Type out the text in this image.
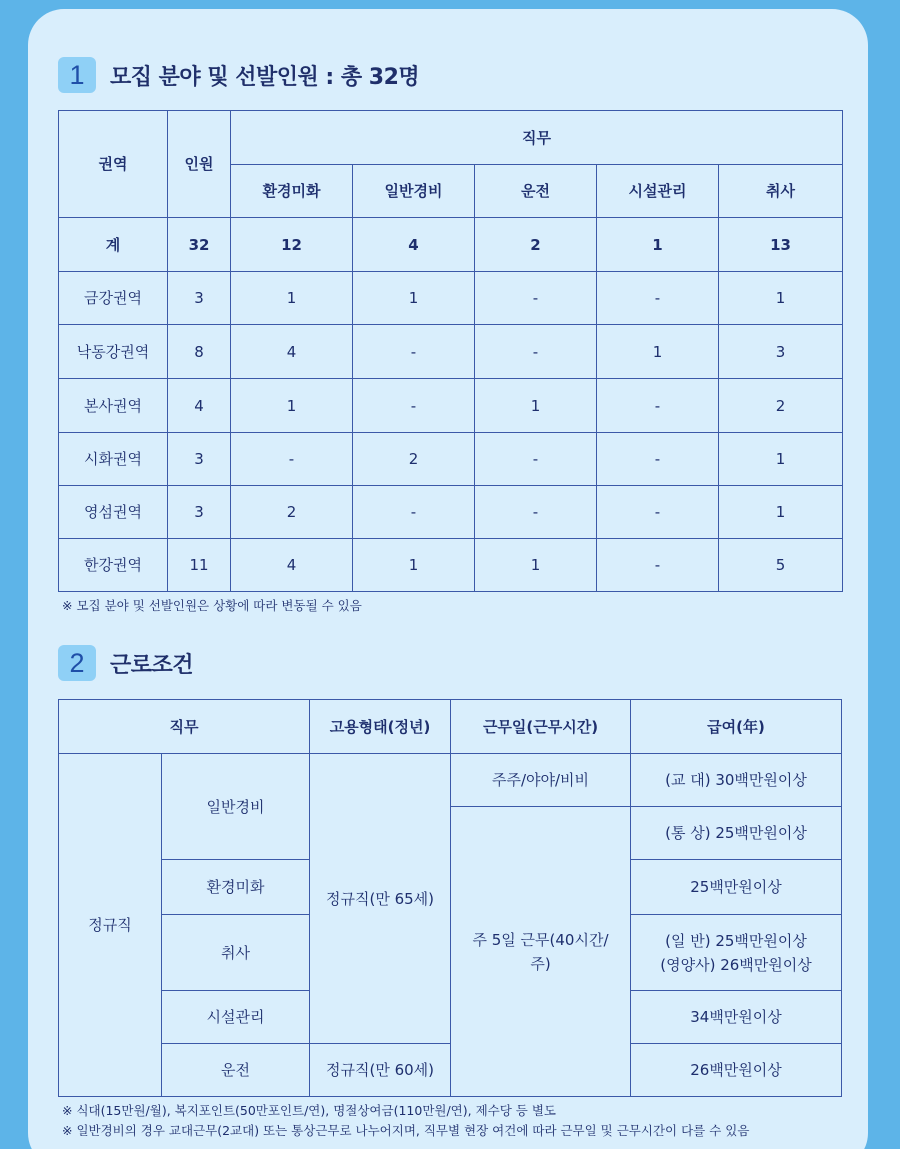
1	모집 분야 및 선발인원 : 총 32명
권역	인원	직무				
		환경미화	일반경비	운전	시설관리	취사
계	32	12	4	2	1	13
금강권역	3	1	1	-	-	1
낙동강권역	8	4	-	-	1	3
본사권역	4	1	-	1	-	2
시화권역	3	-	2	-	-	1
영섬권역	3	2	-	-	-	1
한강권역	11	4	1	1	-	5
※ 모집 분야 및 선발인원은 상황에 따라 변동될 수 있음
2	근로조건
직무		고용형태(정년)	근무일(근무시간)	급여(年)
정규직	일반경비	정규직(만 65세)	주주/야야/비비	(교 대) 30백만원이상
			주 5일 근무(40시간/주)	(통 상) 25백만원이상
	환경미화			25백만원이상
	취사			(일 반) 25백만원이상
(영양사) 26백만원이상

	시설관리			34백만원이상
	운전	정규직(만 60세)		26백만원이상
※ 식대(15만원/월), 복지포인트(50만포인트/연), 명절상여금(110만원/연), 제수당 등 별도
※ 일반경비의 경우 교대근무(2교대) 또는 통상근무로 나누어지며, 직무별 현장 여건에 따라 근무일 및 근무시간이 다를 수 있음
